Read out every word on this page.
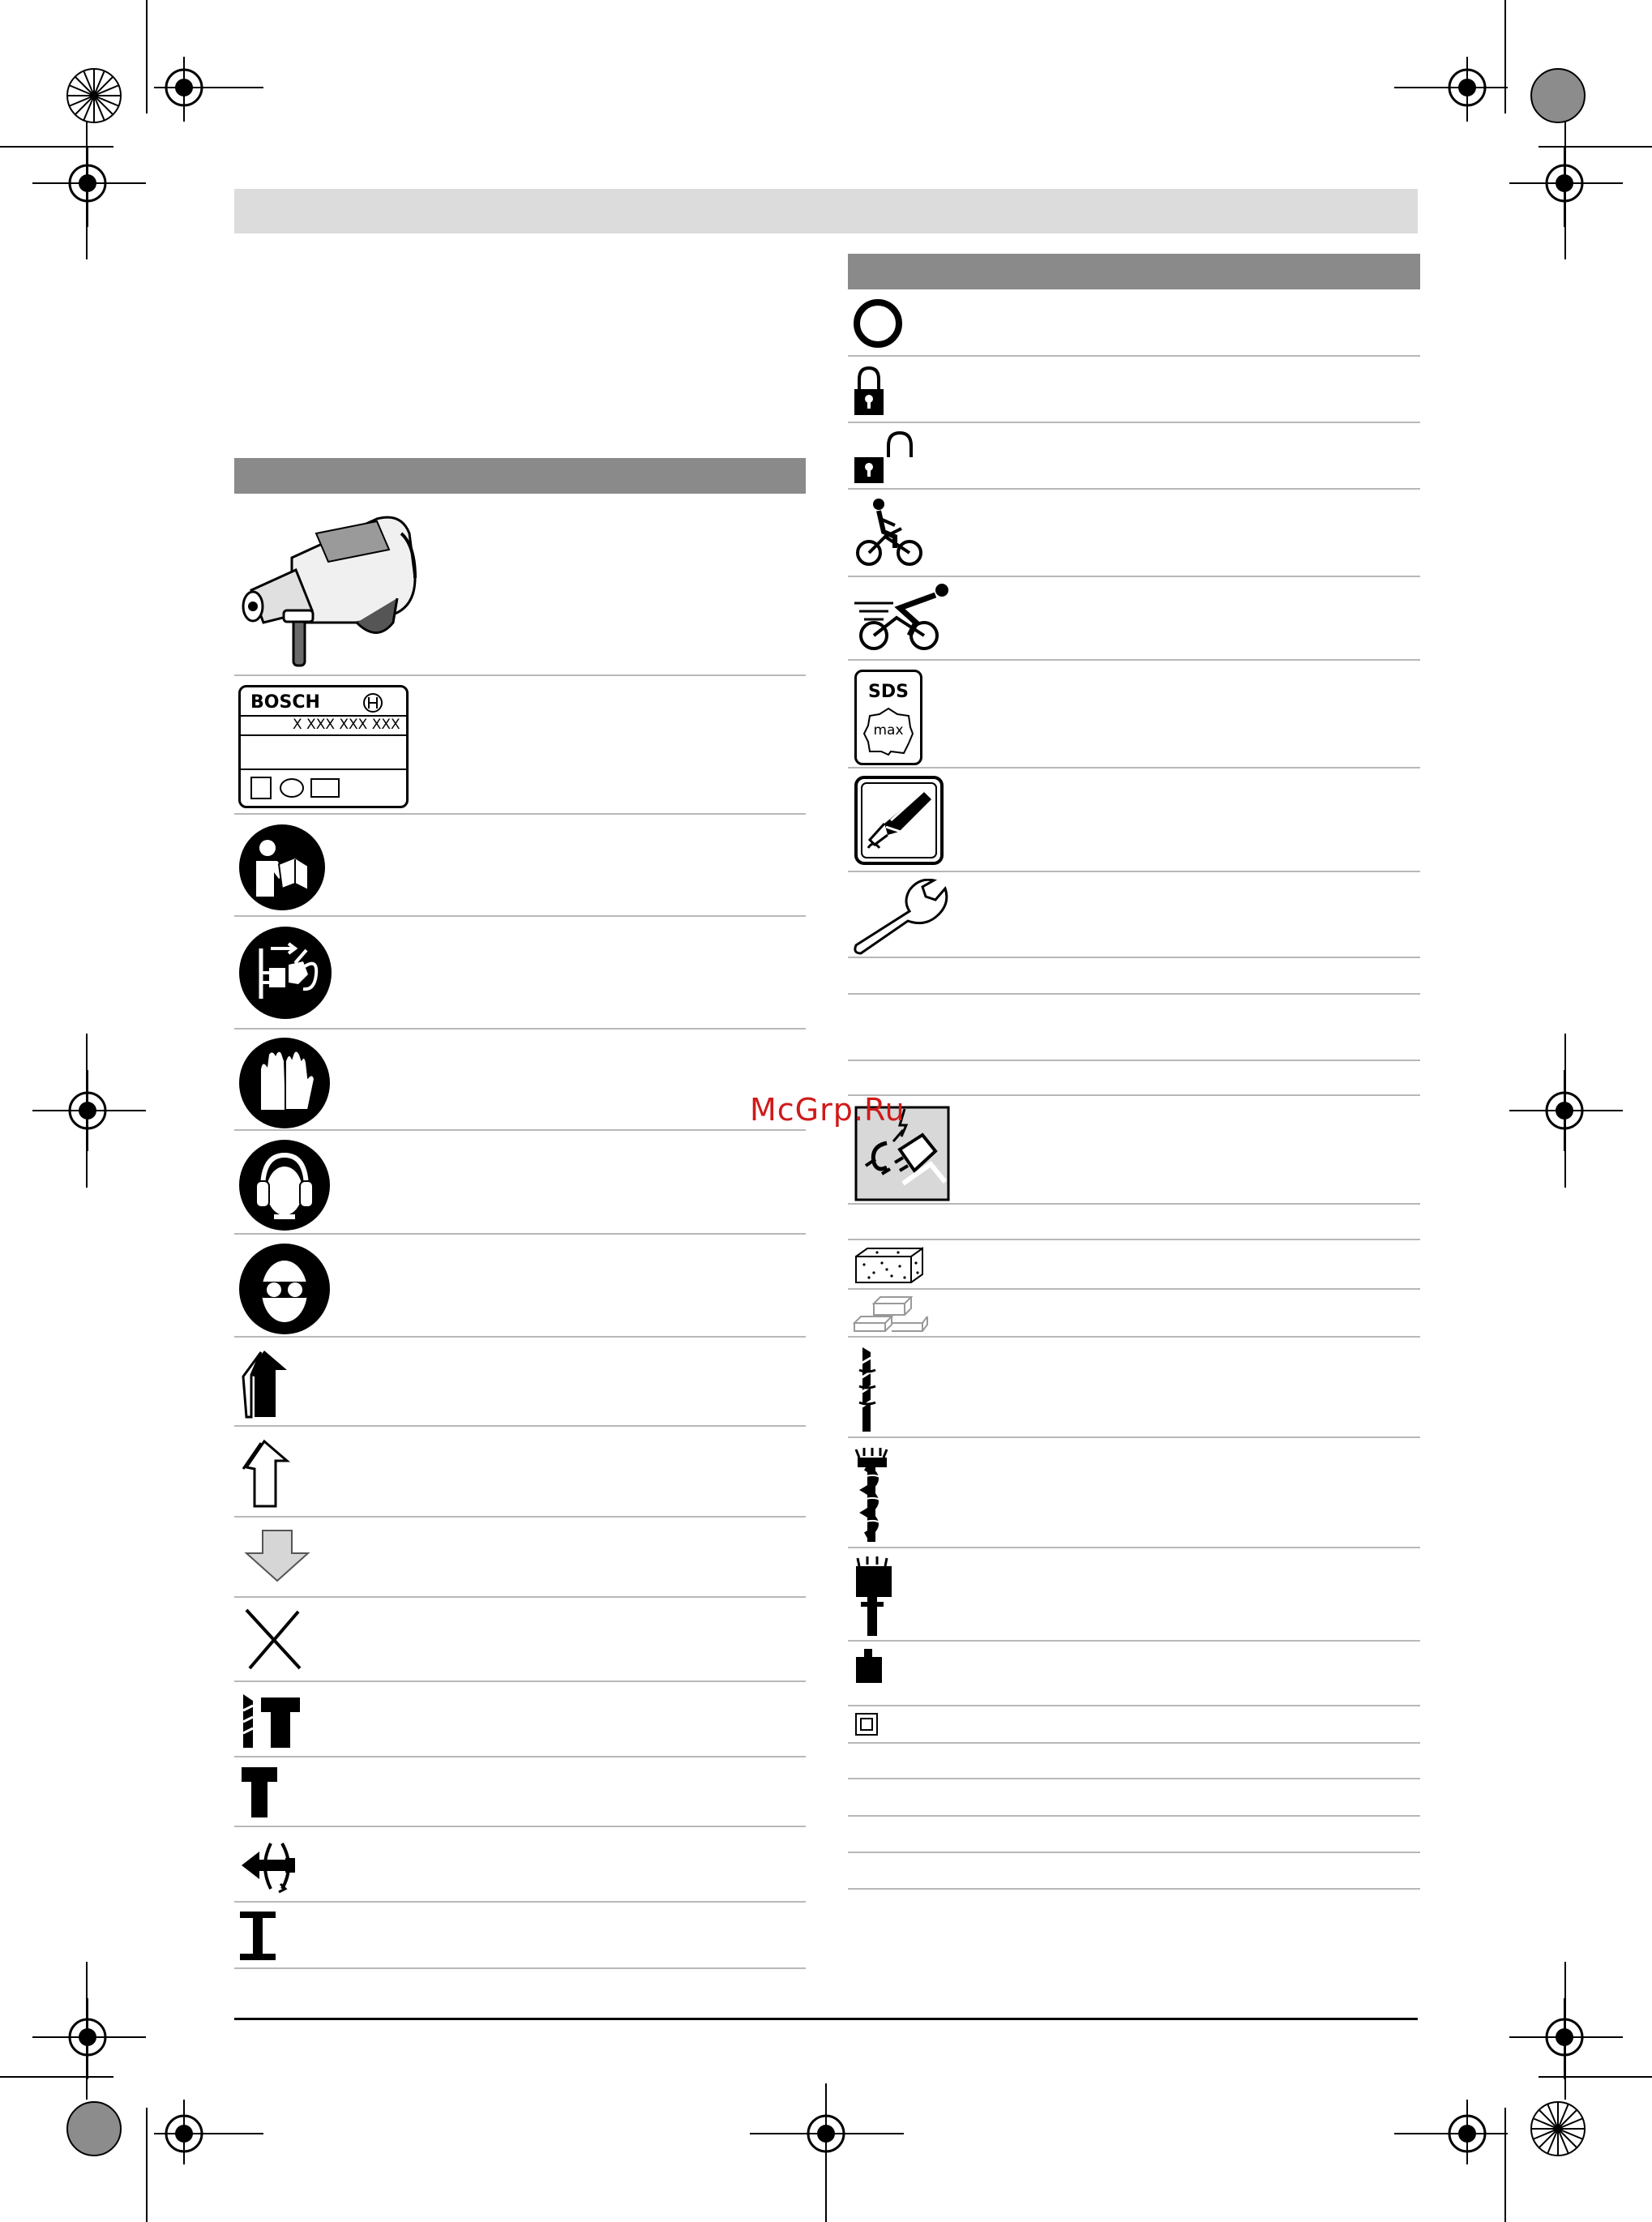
BOSCH
X XXX XXX XXX
SDS
max
McGrp.Ru
